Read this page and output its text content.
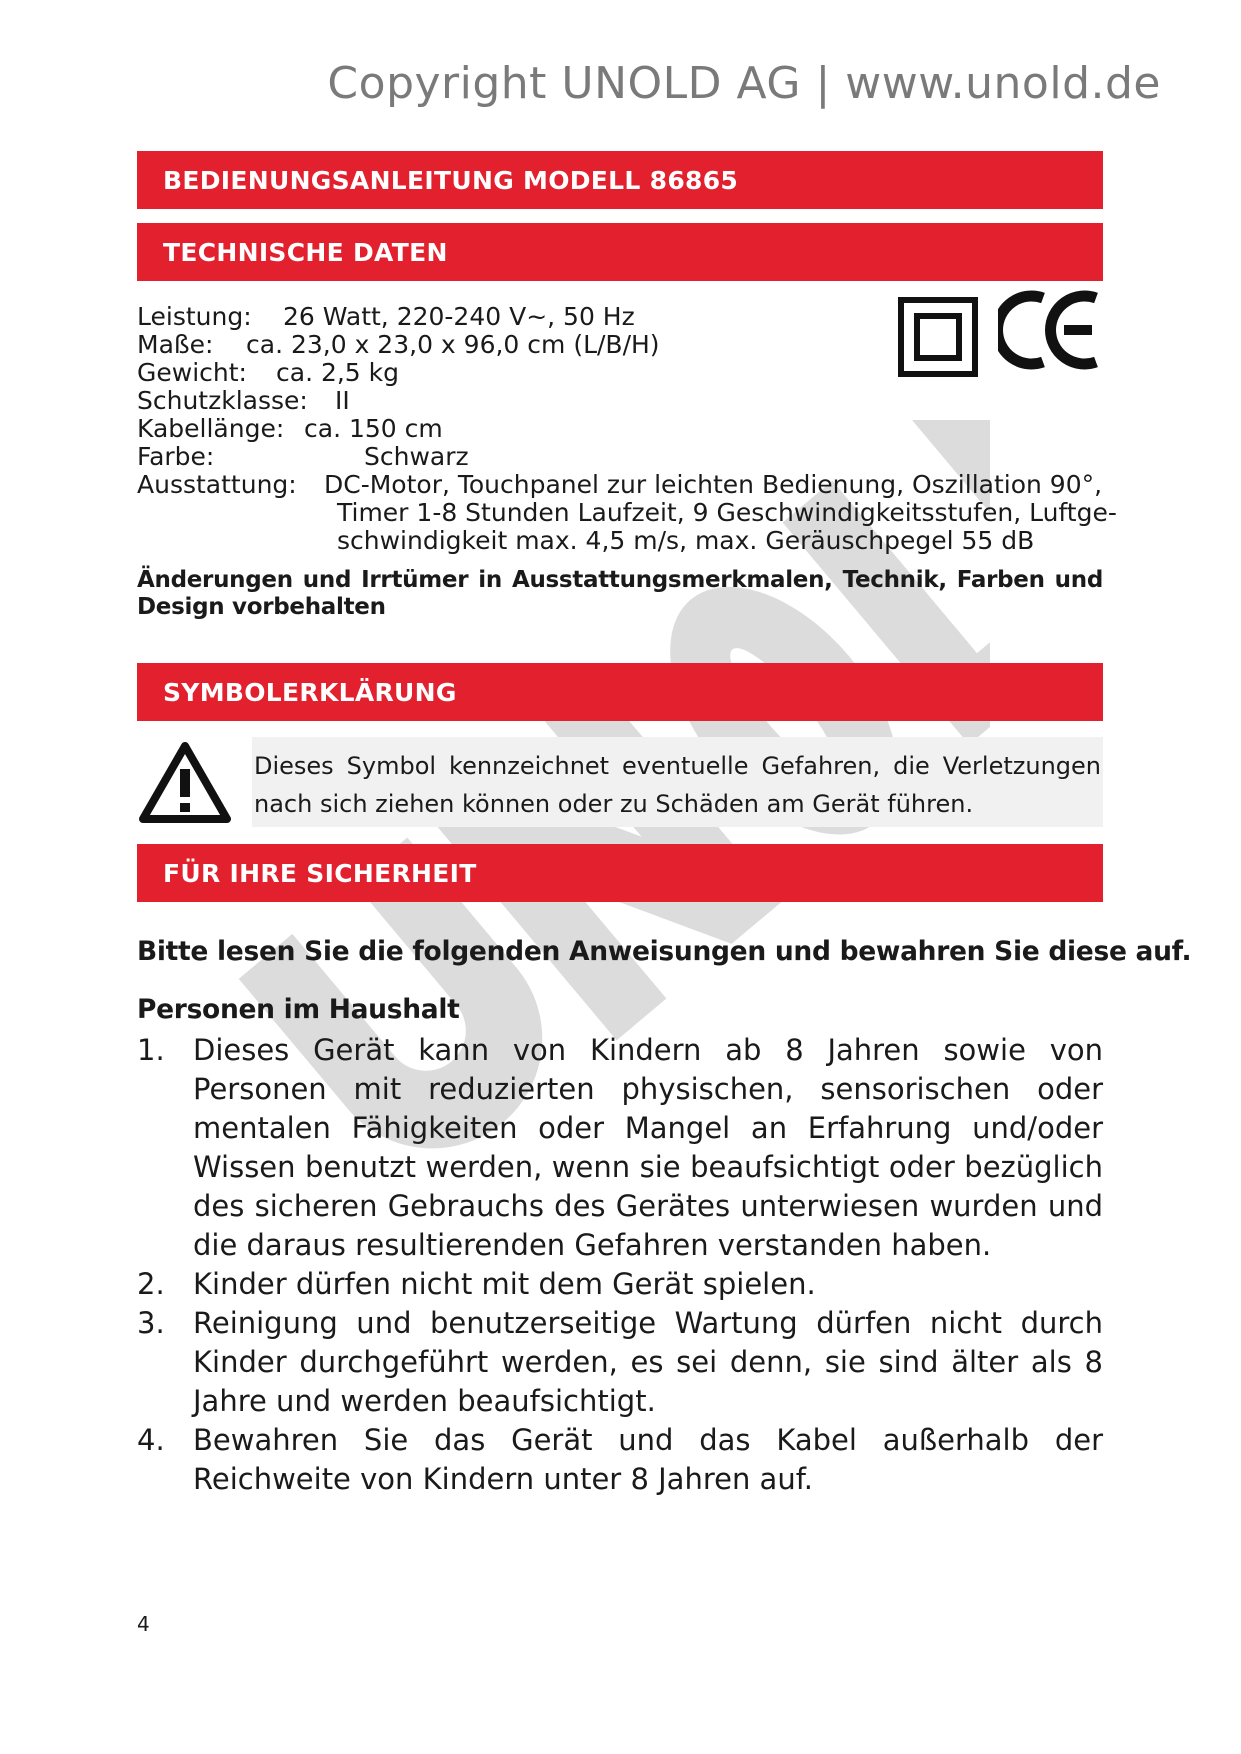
Copyright UNOLD AG | www.unold.de
BEDIENUNGSANLEITUNG MODELL 86865
TECHNISCHE DATEN
Leistung: 26 Watt, 220-240 V~, 50 Hz
Maße: ca. 23,0 x 23,0 x 96,0 cm (L/B/H)
Gewicht: ca. 2,5 kg
Schutzklasse: II
Kabellänge: ca. 150 cm
Farbe:	Schwarz
Ausstattung: DC-Motor, Touchpanel zur leichten Bedienung, Oszillation 90°,
Timer 1-8 Stunden Laufzeit, 9 Geschwindigkeitsstufen, Luftge-
schwindigkeit max. 4,5 m/s, max. Geräuschpegel 55 dB
Änderungen und Irrtümer in Ausstattungsmerkmalen, Technik, Farben und Design vorbehalten
SYMBOLERKLÄRUNG
Dieses Symbol kennzeichnet eventuelle Gefahren, die Verletzungen nach sich ziehen können oder zu Schäden am Gerät führen.
FÜR IHRE SICHERHEIT
Bitte lesen Sie die folgenden Anweisungen und bewahren Sie diese auf.
Personen im Haushalt
1. Dieses Gerät kann von Kindern ab 8 Jahren sowie von Personen mit reduzierten physischen, sensorischen oder mentalen Fähigkeiten oder Mangel an Erfahrung und/oder Wissen benutzt werden, wenn sie beaufsichtigt oder bezüglich des sicheren Gebrauchs des Gerätes unterwiesen wurden und die daraus resultierenden Gefahren verstanden haben.
2. Kinder dürfen nicht mit dem Gerät spielen.
3. Reinigung und benutzerseitige Wartung dürfen nicht durch Kinder durchgeführt werden, es sei denn, sie sind älter als 8 Jahre und werden beaufsichtigt.
4. Bewahren Sie das Gerät und das Kabel außerhalb der Reichweite von Kindern unter 8 Jahren auf.
4
